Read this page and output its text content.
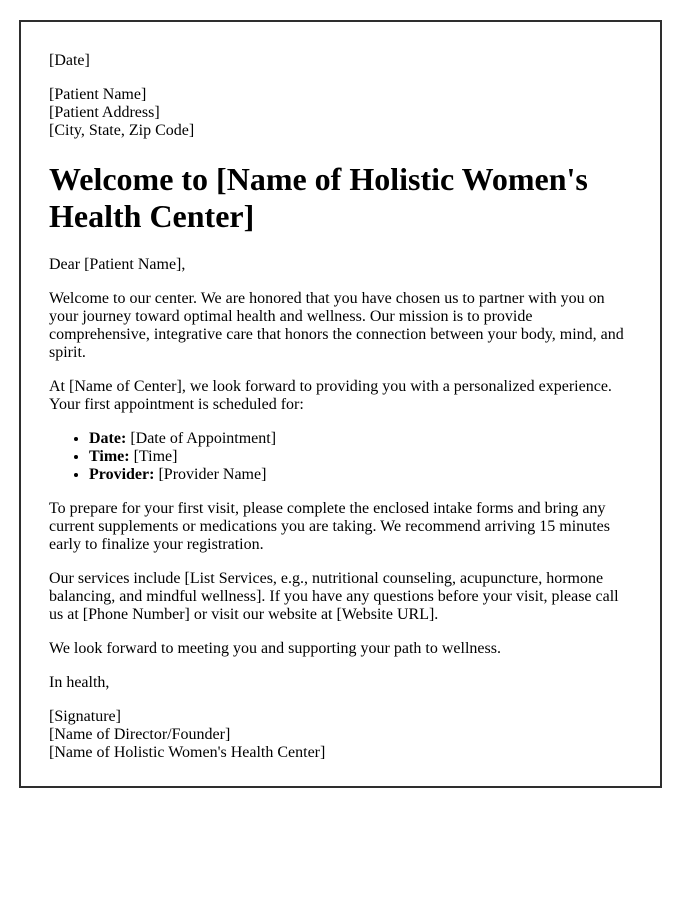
[Date]

[Patient Name]
[Patient Address]
[City, State, Zip Code]
Welcome to [Name of Holistic Women's Health Center]

Dear [Patient Name],

Welcome to our center. We are honored that you have chosen us to partner with you on your journey toward optimal health and wellness. Our mission is to provide comprehensive, integrative care that honors the connection between your body, mind, and spirit.

At [Name of Center], we look forward to providing you with a personalized experience. Your first appointment is scheduled for:

• Date: [Date of Appointment]
• Time: [Time]
• Provider: [Provider Name]

To prepare for your first visit, please complete the enclosed intake forms and bring any current supplements or medications you are taking. We recommend arriving 15 minutes early to finalize your registration.

Our services include [List Services, e.g., nutritional counseling, acupuncture, hormone balancing, and mindful wellness]. If you have any questions before your visit, please call us at [Phone Number] or visit our website at [Website URL].

We look forward to meeting you and supporting your path to wellness.

In health,

[Signature]
[Name of Director/Founder]
[Name of Holistic Women's Health Center]
